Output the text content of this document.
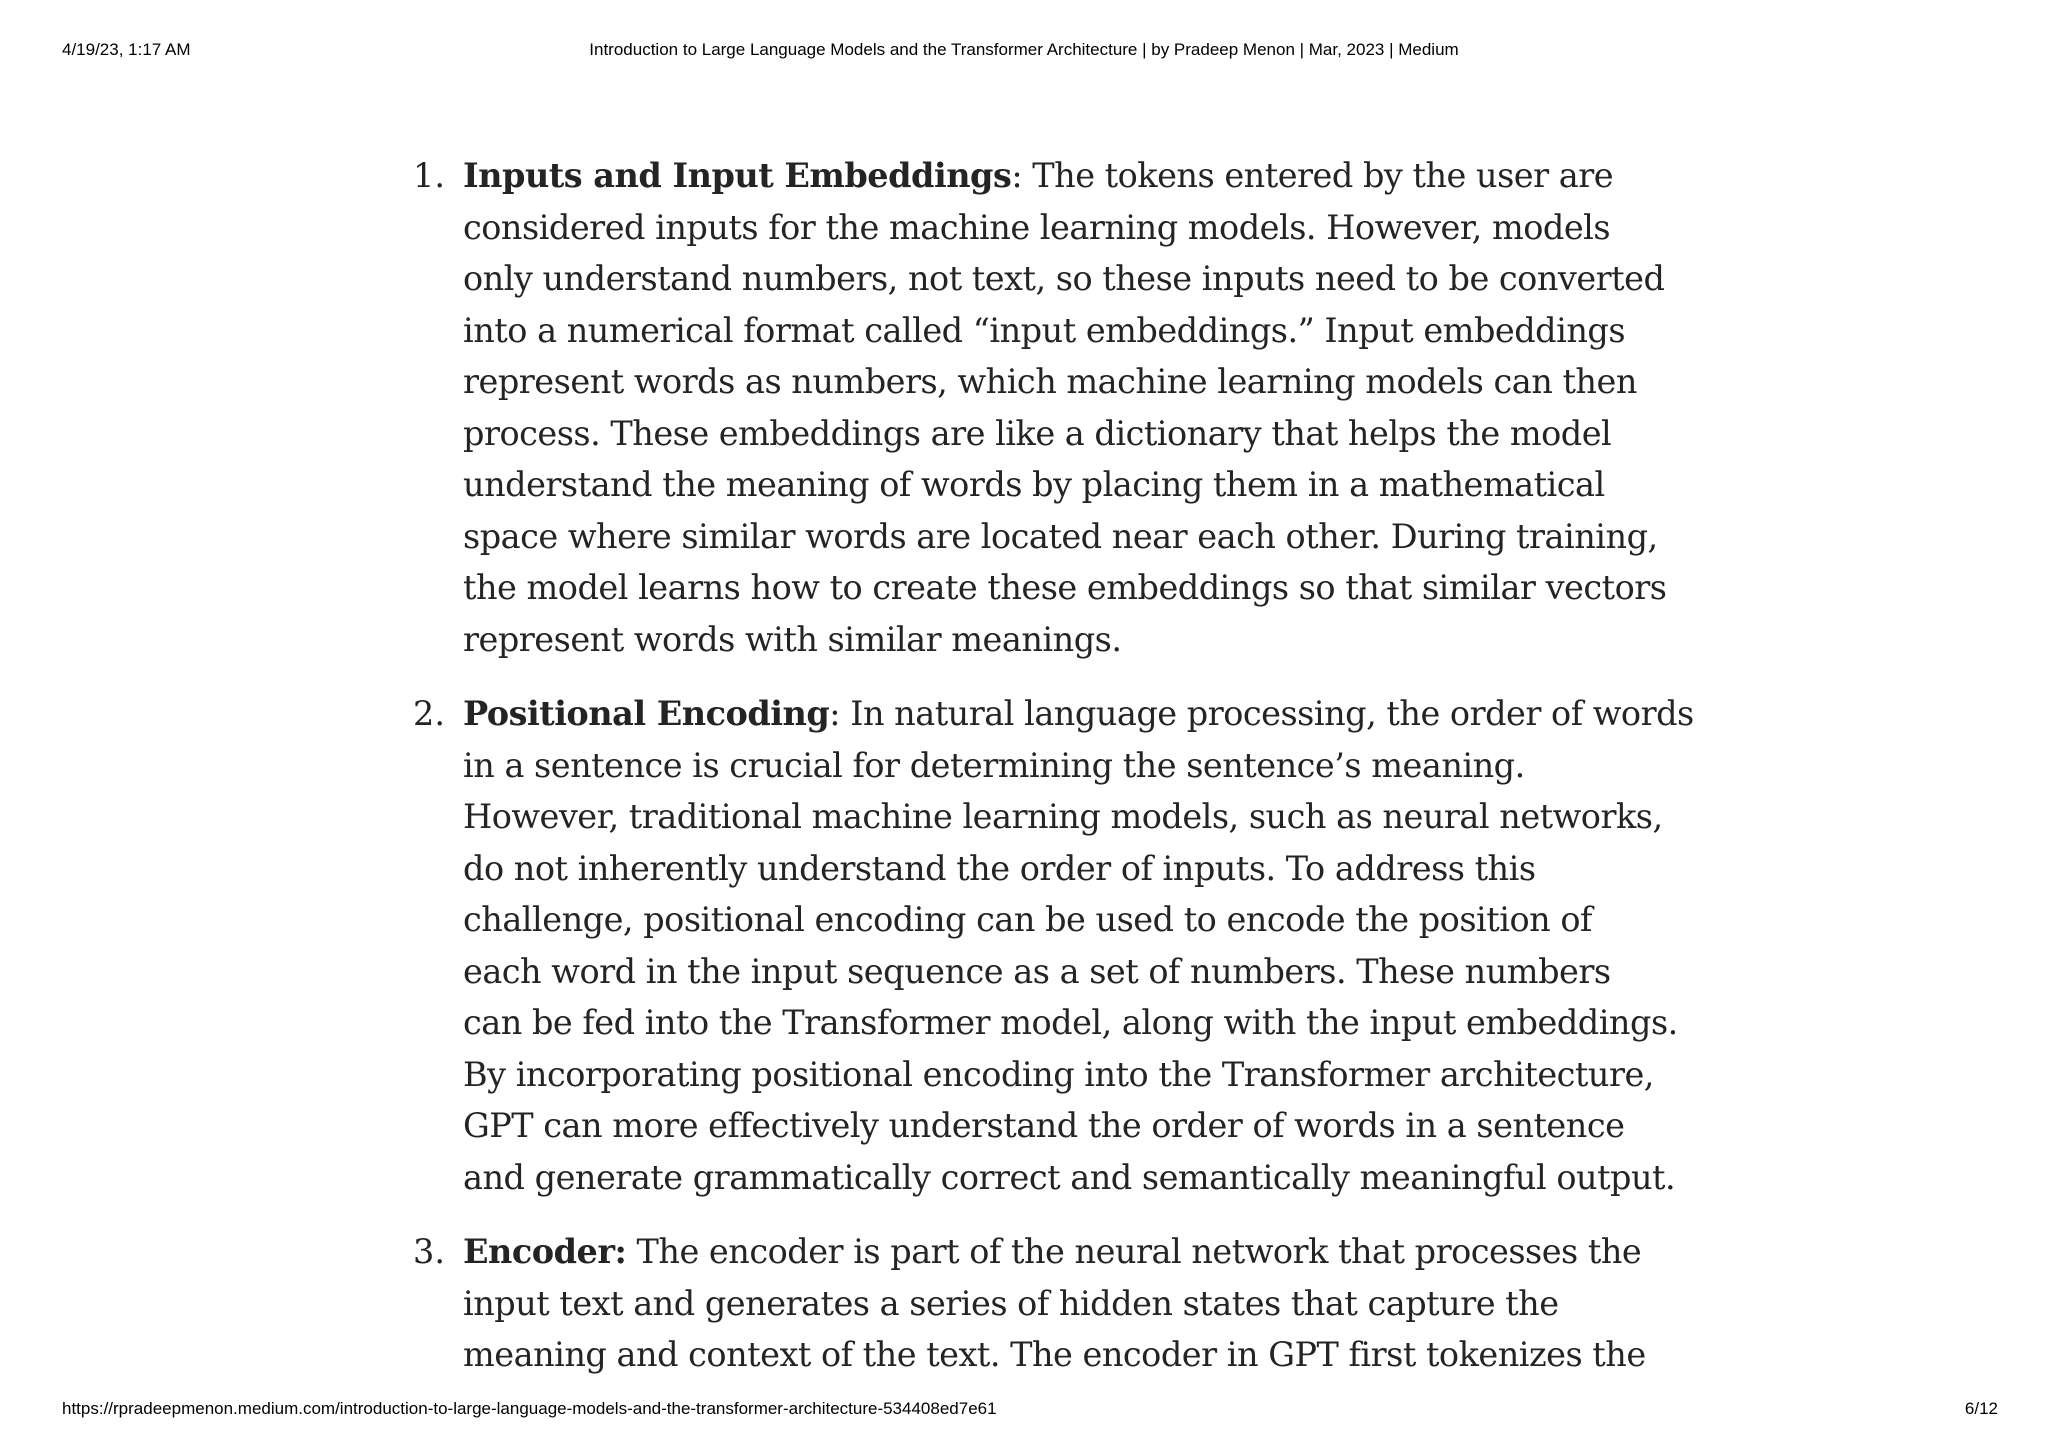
4/19/23, 1:17 AM	Introduction to Large Language Models and the Transformer Architecture | by Pradeep Menon | Mar, 2023 | Medium
1. Inputs and Input Embeddings: The tokens entered by the user are
considered inputs for the machine learning models. However, models
only understand numbers, not text, so these inputs need to be converted
into a numerical format called “input embeddings.” Input embeddings
represent words as numbers, which machine learning models can then
process. These embeddings are like a dictionary that helps the model
understand the meaning of words by placing them in a mathematical
space where similar words are located near each other. During training,
the model learns how to create these embeddings so that similar vectors
represent words with similar meanings.
2. Positional Encoding: In natural language processing, the order of words
in a sentence is crucial for determining the sentence’s meaning.
However, traditional machine learning models, such as neural networks,
do not inherently understand the order of inputs. To address this
challenge, positional encoding can be used to encode the position of
each word in the input sequence as a set of numbers. These numbers
can be fed into the Transformer model, along with the input embeddings.
By incorporating positional encoding into the Transformer architecture,
GPT can more effectively understand the order of words in a sentence
and generate grammatically correct and semantically meaningful output.
3. Encoder: The encoder is part of the neural network that processes the
input text and generates a series of hidden states that capture the
meaning and context of the text. The encoder in GPT first tokenizes the
https://rpradeepmenon.medium.com/introduction-to-large-language-models-and-the-transformer-architecture-534408ed7e61	6/12
